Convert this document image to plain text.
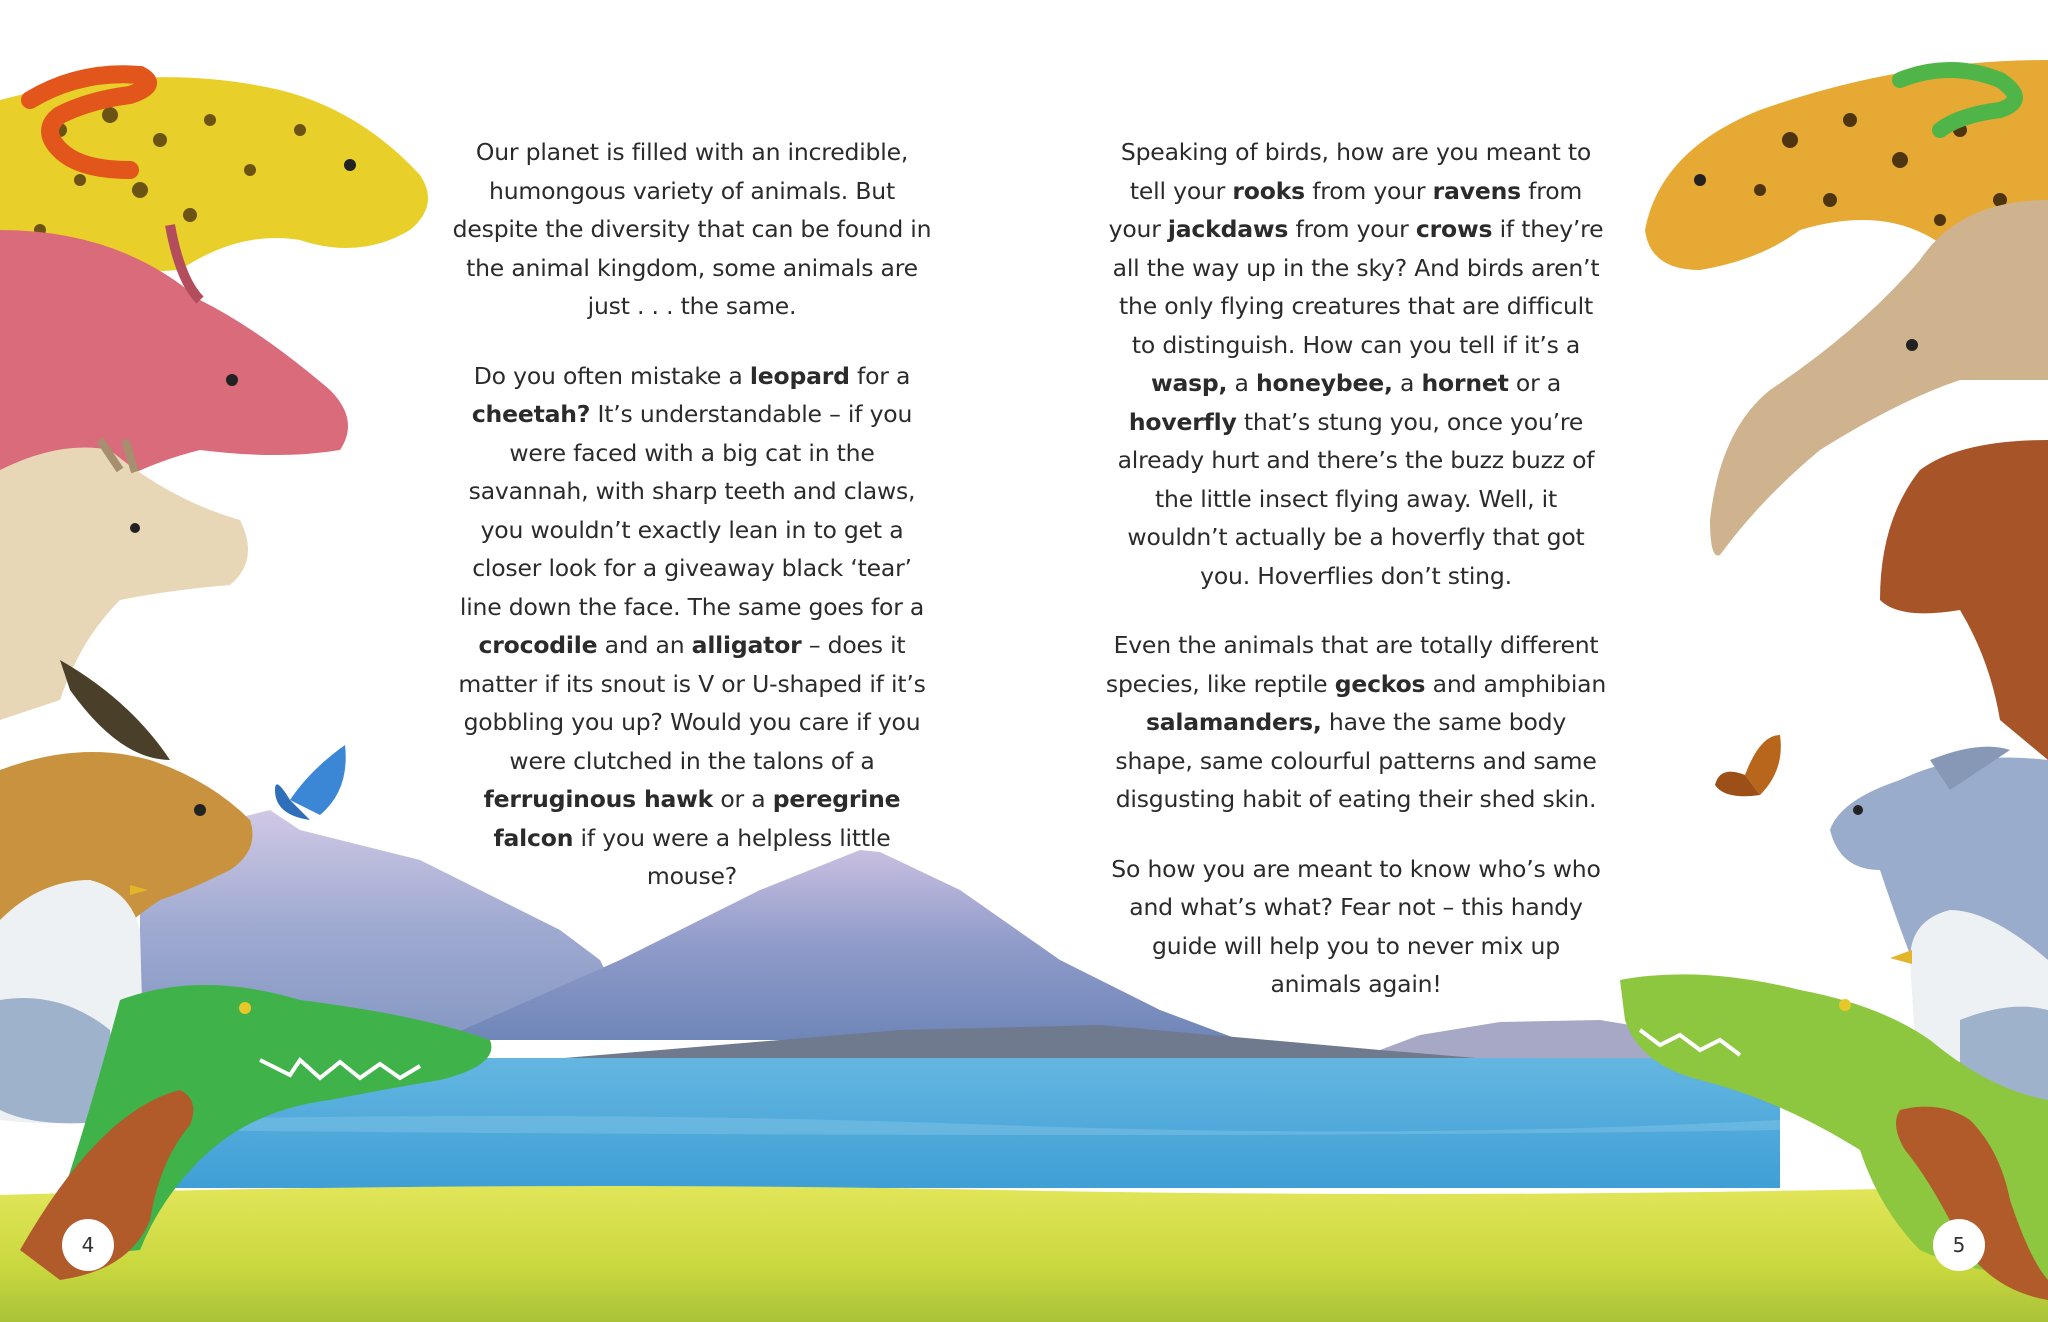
Our planet is filled with an incredible, humongous variety of animals. But despite the diversity that can be found in the animal kingdom, some animals are just . . . the same.

Do you often mistake a leopard for a cheetah? It’s understandable – if you were faced with a big cat in the savannah, with sharp teeth and claws, you wouldn’t exactly lean in to get a closer look for a giveaway black ‘tear’ line down the face. The same goes for a crocodile and an alligator – does it matter if its snout is V or U-shaped if it’s gobbling you up? Would you care if you were clutched in the talons of a ferruginous hawk or a peregrine falcon if you were a helpless little mouse?

Speaking of birds, how are you meant to tell your rooks from your ravens from your jackdaws from your crows if they’re all the way up in the sky? And birds aren’t the only flying creatures that are difficult to distinguish. How can you tell if it’s a wasp, a honeybee, a hornet or a hoverfly that’s stung you, once you’re already hurt and there’s the buzz buzz of the little insect flying away. Well, it wouldn’t actually be a hoverfly that got you. Hoverflies don’t sting.

Even the animals that are totally different species, like reptile geckos and amphibian salamanders, have the same body shape, same colourful patterns and same disgusting habit of eating their shed skin.

So how you are meant to know who’s who and what’s what? Fear not – this handy guide will help you to never mix up animals again!

4	5
